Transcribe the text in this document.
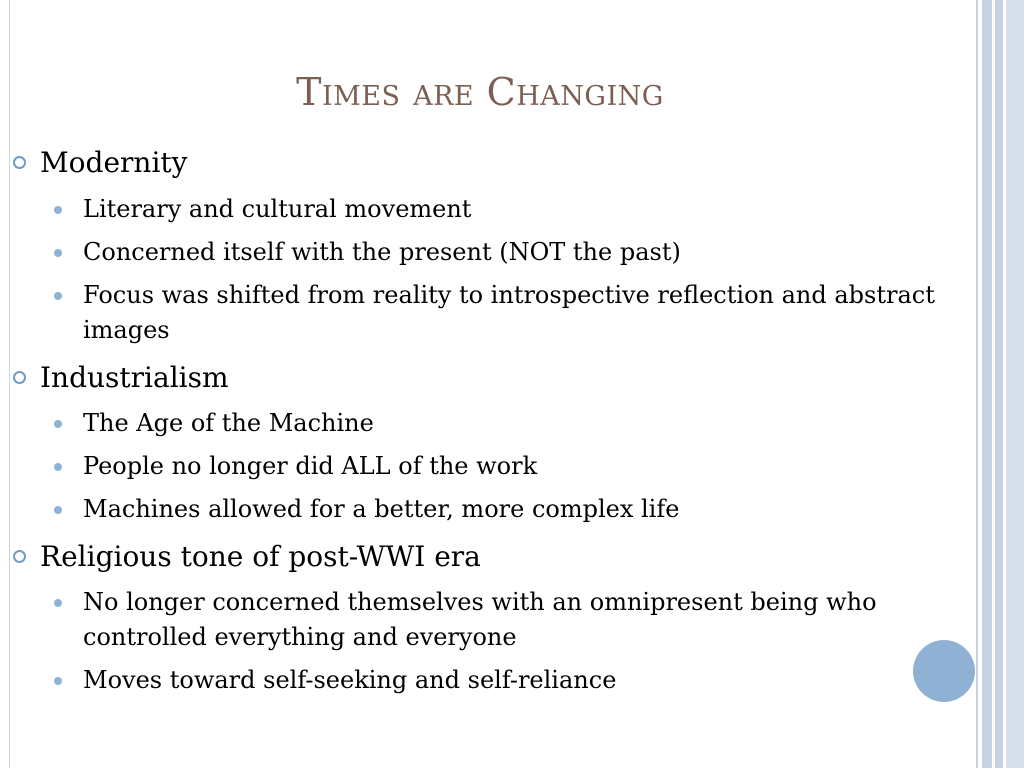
Times are Changing
Modernity
Literary and cultural movement
Concerned itself with the present (NOT the past)
Focus was shifted from reality to introspective reflection and abstract images
Industrialism
The Age of the Machine
People no longer did ALL of the work
Machines allowed for a better, more complex life
Religious tone of post-WWI era
No longer concerned themselves with an omnipresent being who controlled everything and everyone
Moves toward self-seeking and self-reliance
